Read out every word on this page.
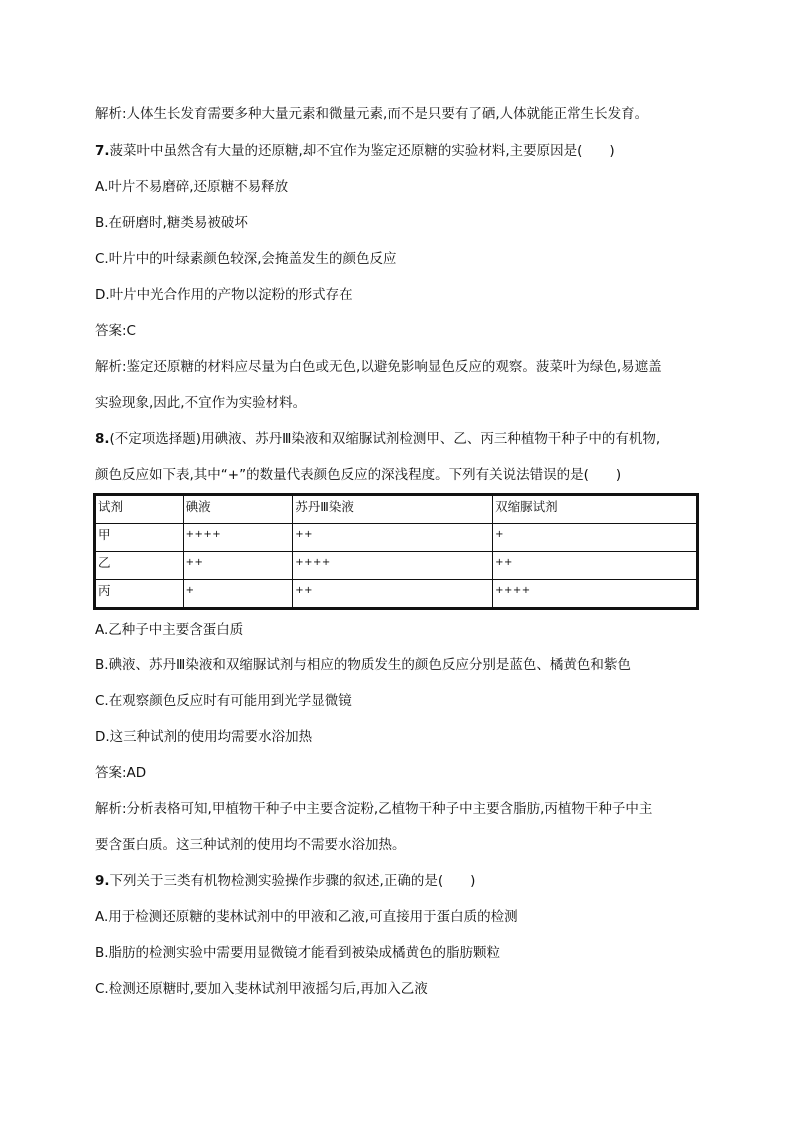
解析:人体生长发育需要多种大量元素和微量元素,而不是只要有了硒,人体就能正常生长发育。
7.菠菜叶中虽然含有大量的还原糖,却不宜作为鉴定还原糖的实验材料,主要原因是(　　)
A.叶片不易磨碎,还原糖不易释放
B.在研磨时,糖类易被破坏
C.叶片中的叶绿素颜色较深,会掩盖发生的颜色反应
D.叶片中光合作用的产物以淀粉的形式存在
答案:C
解析:鉴定还原糖的材料应尽量为白色或无色,以避免影响显色反应的观察。菠菜叶为绿色,易遮盖
实验现象,因此,不宜作为实验材料。
8.(不定项选择题)用碘液、苏丹Ⅲ染液和双缩脲试剂检测甲、乙、丙三种植物干种子中的有机物,
颜色反应如下表,其中“+”的数量代表颜色反应的深浅程度。下列有关说法错误的是(　　)
试剂	碘液	苏丹Ⅲ染液	双缩脲试剂
甲	++++	++	+
乙	++	++++	++
丙	+	++	++++
A.乙种子中主要含蛋白质
B.碘液、苏丹Ⅲ染液和双缩脲试剂与相应的物质发生的颜色反应分别是蓝色、橘黄色和紫色
C.在观察颜色反应时有可能用到光学显微镜
D.这三种试剂的使用均需要水浴加热
答案:AD
解析:分析表格可知,甲植物干种子中主要含淀粉,乙植物干种子中主要含脂肪,丙植物干种子中主
要含蛋白质。这三种试剂的使用均不需要水浴加热。
9.下列关于三类有机物检测实验操作步骤的叙述,正确的是(　　)
A.用于检测还原糖的斐林试剂中的甲液和乙液,可直接用于蛋白质的检测
B.脂肪的检测实验中需要用显微镜才能看到被染成橘黄色的脂肪颗粒
C.检测还原糖时,要加入斐林试剂甲液摇匀后,再加入乙液
